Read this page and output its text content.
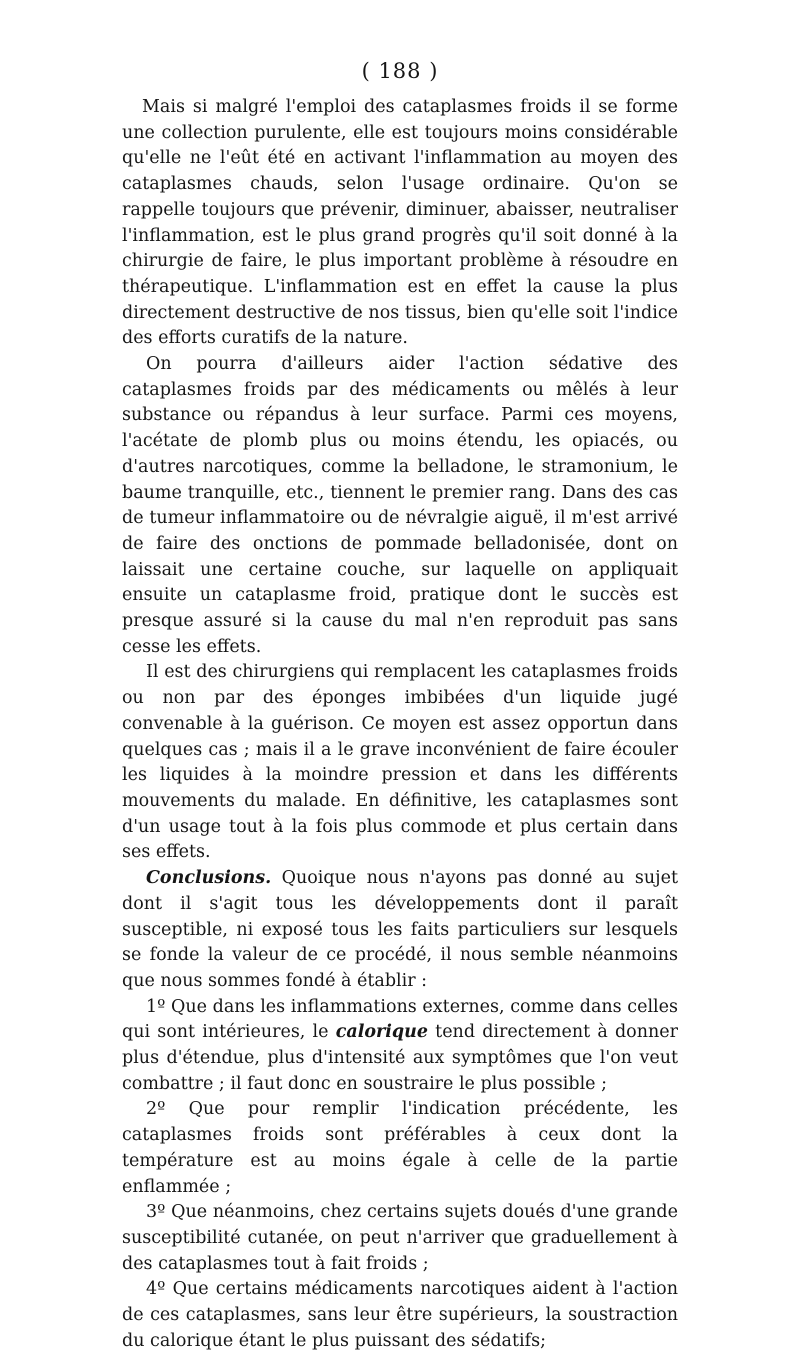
( 188 )

Mais si malgré l'emploi des cataplasmes froids il se forme une collection purulente, elle est toujours moins considérable qu'elle ne l'eût été en activant l'inflammation au moyen des cataplasmes chauds, selon l'usage ordinaire. Qu'on se rappelle toujours que prévenir, diminuer, abaisser, neutraliser l'inflammation, est le plus grand progrès qu'il soit donné à la chirurgie de faire, le plus important problème à résoudre en thérapeutique. L'inflammation est en effet la cause la plus directement destructive de nos tissus, bien qu'elle soit l'indice des efforts curatifs de la nature.

On pourra d'ailleurs aider l'action sédative des cataplasmes froids par des médicaments ou mêlés à leur substance ou répandus à leur surface. Parmi ces moyens, l'acétate de plomb plus ou moins étendu, les opiacés, ou d'autres narcotiques, comme la belladone, le stramonium, le baume tranquille, etc., tiennent le premier rang. Dans des cas de tumeur inflammatoire ou de névralgie aiguë, il m'est arrivé de faire des onctions de pommade belladonisée, dont on laissait une certaine couche, sur laquelle on appliquait ensuite un cataplasme froid, pratique dont le succès est presque assuré si la cause du mal n'en reproduit pas sans cesse les effets.

Il est des chirurgiens qui remplacent les cataplasmes froids ou non par des éponges imbibées d'un liquide jugé convenable à la guérison. Ce moyen est assez opportun dans quelques cas ; mais il a le grave inconvénient de faire écouler les liquides à la moindre pression et dans les différents mouvements du malade. En définitive, les cataplasmes sont d'un usage tout à la fois plus commode et plus certain dans ses effets.

Conclusions. Quoique nous n'ayons pas donné au sujet dont il s'agit tous les développements dont il paraît susceptible, ni exposé tous les faits particuliers sur lesquels se fonde la valeur de ce procédé, il nous semble néanmoins que nous sommes fondé à établir :

1º Que dans les inflammations externes, comme dans celles qui sont intérieures, le calorique tend directement à donner plus d'étendue, plus d'intensité aux symptômes que l'on veut combattre ; il faut donc en soustraire le plus possible ;

2º Que pour remplir l'indication précédente, les cataplasmes froids sont préférables à ceux dont la température est au moins égale à celle de la partie enflammée ;

3º Que néanmoins, chez certains sujets doués d'une grande susceptibilité cutanée, on peut n'arriver que graduellement à des cataplasmes tout à fait froids ;

4º Que certains médicaments narcotiques aident à l'action de ces cataplasmes, sans leur être supérieurs, la soustraction du calorique étant le plus puissant des sédatifs;
